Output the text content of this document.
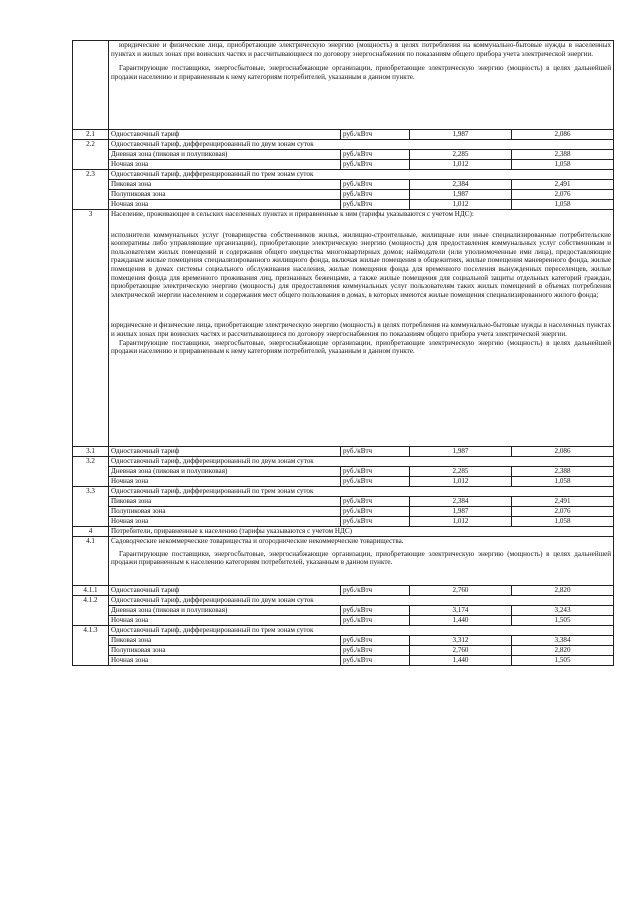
	юридические и физические лица, приобретающие электрическую энергию (мощность) в целях потребления на коммунально-бытовые нужды в населенных пунктах и жилых зонах при воинских частях и рассчитывающиеся по договору энергоснабжения по показаниям общего прибора учета электрической энергии.

Гарантирующие поставщики, энергосбытовые, энергоснабжающие организации, приобретающие электрическую энергию (мощность) в целях дальнейшей продажи населению и приравненным к нему категориям потребителей, указанным в данном пункте.			

2.1	Одноставочный тариф	руб./кВтч	1,987	2,086
2.2	Одноставочный тариф, дифференцированный по двум зонам суток			
	Дневная зона (пиковая и полупиковая)	руб./кВтч	2,285	2,388
	Ночная зона	руб./кВтч	1,012	1,058
2.3	Одноставочный тариф, дифференцированный по трем зонам суток			
	Пиковая зона	руб./кВтч	2,384	2,491
	Полупиковая зона	руб./кВтч	1,987	2,076
	Ночная зона	руб./кВтч	1,012	1,058
3	Население, проживающее в сельских населенных пунктах и приравненные к ним (тарифы указываются с учетом НДС):

исполнители коммунальных услуг (товарищества собственников жилья, жилищно-строительные, жилищные или иные специализированные потребительские кооперативы либо управляющие организации), приобретающие электрическую энергию (мощность) для предоставления коммунальных услуг собственникам и пользователям жилых помещений и содержания общего имущества многоквартирных домов; наймодатели (или уполномоченные ими лица), предоставляющие гражданам жилые помещения специализированного жилищного фонда, включая жилые помещения в общежитиях, жилые помещения маневренного фонда, жилые помещения в домах системы социального обслуживания населения, жилые помещения фонда для временного поселения вынужденных переселенцев, жилые помещения фонда для временного проживания лиц, признанных беженцами, а также жилые помещения для социальной защиты отдельных категорий граждан, приобретающие электрическую энергию (мощность) для предоставления коммунальных услуг пользователям таких жилых помещений в объемах потребления электрической энергии населением и содержания мест общего пользования в домах, в которых имеются жилые помещения специализированного жилого фонда;

юридические и физические лица, приобретающие электрическую энергию (мощность) в целях потребления на коммунально-бытовые нужды в населенных пунктах и жилых зонах при воинских частях и рассчитывающиеся по договору энергоснабжения по показаниям общего прибора учета электрической энергии.

Гарантирующие поставщики, энергосбытовые, энергоснабжающие организации, приобретающие электрическую энергию (мощность) в целях дальнейшей продажи населению и приравненным к нему категориям потребителей, указанным в данном пункте.			

3.1	Одноставочный тариф	руб./кВтч	1,987	2,086
3.2	Одноставочный тариф, дифференцированный по двум зонам суток			
	Дневная зона (пиковая и полупиковая)	руб./кВтч	2,285	2,388
	Ночная зона	руб./кВтч	1,012	1,058
3.3	Одноставочный тариф, дифференцированный по трем зонам суток			
	Пиковая зона	руб./кВтч	2,384	2,491
	Полупиковая зона	руб./кВтч	1,987	2,076
	Ночная зона	руб./кВтч	1,012	1,058
4	Потребители, приравненные к населению (тарифы указываются с учетом НДС)			
4.1	Садоводческие некоммерческие товарищества и огороднические некоммерческие товарищества.

Гарантирующие поставщики, энергосбытовые, энергоснабжающие организации, приобретающие электрическую энергию (мощность) в целях дальнейшей продажи приравненным к населению категориям потребителей, указанным в данном пункте.			

4.1.1	Одноставочный тариф	руб./кВтч	2,760	2,820
4.1.2	Одноставочный тариф, дифференцированный по двум зонам суток			
	Дневная зона (пиковая и полупиковая)	руб./кВтч	3,174	3,243
	Ночная зона	руб./кВтч	1,440	1,505
4.1.3	Одноставочный тариф, дифференцированный по трем зонам суток			
	Пиковая зона	руб./кВтч	3,312	3,384
	Полупиковая зона	руб./кВтч	2,760	2,820
	Ночная зона	руб./кВтч	1,440	1,505
